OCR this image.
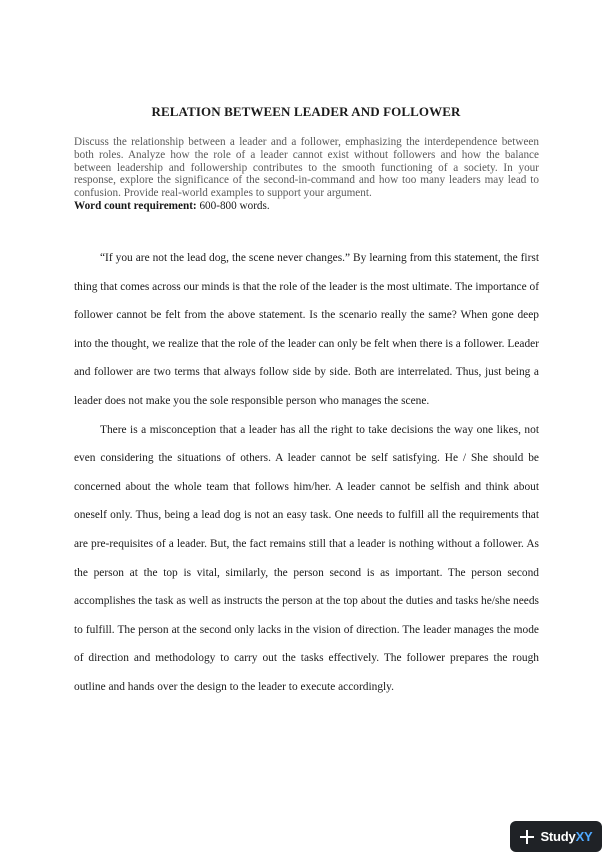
RELATION BETWEEN LEADER AND FOLLOWER
Discuss the relationship between a leader and a follower, emphasizing the interdependence between both roles. Analyze how the role of a leader cannot exist without followers and how the balance between leadership and followership contributes to the smooth functioning of a society. In your response, explore the significance of the second-in-command and how too many leaders may lead to confusion. Provide real-world examples to support your argument.
Word count requirement: 600-800 words.

“If you are not the lead dog, the scene never changes.” By learning from this statement, the first thing that comes across our minds is that the role of the leader is the most ultimate. The importance of follower cannot be felt from the above statement. Is the scenario really the same? When gone deep into the thought, we realize that the role of the leader can only be felt when there is a follower. Leader and follower are two terms that always follow side by side. Both are interrelated. Thus, just being a leader does not make you the sole responsible person who manages the scene.

There is a misconception that a leader has all the right to take decisions the way one likes, not even considering the situations of others. A leader cannot be self satisfying. He / She should be concerned about the whole team that follows him/her. A leader cannot be selfish and think about oneself only. Thus, being a lead dog is not an easy task. One needs to fulfill all the requirements that are pre-requisites of a leader. But, the fact remains still that a leader is nothing without a follower. As the person at the top is vital, similarly, the person second is as important. The person second accomplishes the task as well as instructs the person at the top about the duties and tasks he/she needs to fulfill. The person at the second only lacks in the vision of direction. The leader manages the mode of direction and methodology to carry out the tasks effectively. The follower prepares the rough outline and hands over the design to the leader to execute accordingly.

StudyXY
